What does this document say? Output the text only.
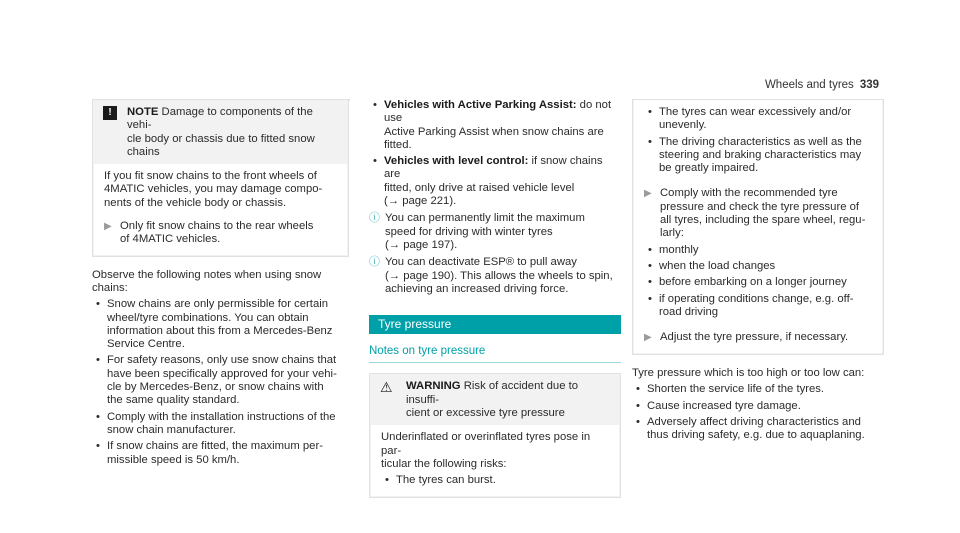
Wheels and tyres 339
!	NOTE Damage to components of the vehi-
cle body or chassis due to fitted snow
chains
If you fit snow chains to the front wheels of
4MATIC vehicles, you may damage compo-
nents of the vehicle body or chassis.
▶ Only fit snow chains to the rear wheels
of 4MATIC vehicles.
Observe the following notes when using snow
chains:
• Snow chains are only permissible for certain
wheel/tyre combinations. You can obtain
information about this from a Mercedes-Benz
Service Centre.
• For safety reasons, only use snow chains that
have been specifically approved for your vehi-
cle by Mercedes-Benz, or snow chains with
the same quality standard.
• Comply with the installation instructions of the
snow chain manufacturer.
• If snow chains are fitted, the maximum per-
missible speed is 50 km/h.
• Vehicles with Active Parking Assist: do not use
Active Parking Assist when snow chains are
fitted.
• Vehicles with level control: if snow chains are
fitted, only drive at raised vehicle level
(→ page 221).
ⓘ You can permanently limit the maximum
speed for driving with winter tyres
(→ page 197).
ⓘ You can deactivate ESP® to pull away
(→ page 190). This allows the wheels to spin,
achieving an increased driving force.
Tyre pressure
Notes on tyre pressure
⚠	WARNING Risk of accident due to insuffi-
cient or excessive tyre pressure
Underinflated or overinflated tyres pose in par-
ticular the following risks:
• The tyres can burst.
• The tyres can wear excessively and/or
unevenly.
• The driving characteristics as well as the
steering and braking characteristics may
be greatly impaired.
▶ Comply with the recommended tyre
pressure and check the tyre pressure of
all tyres, including the spare wheel, regu-
larly:
• monthly
• when the load changes
• before embarking on a longer journey
• if operating conditions change, e.g. off-
road driving
▶ Adjust the tyre pressure, if necessary.
Tyre pressure which is too high or too low can:
• Shorten the service life of the tyres.
• Cause increased tyre damage.
• Adversely affect driving characteristics and
thus driving safety, e.g. due to aquaplaning.
